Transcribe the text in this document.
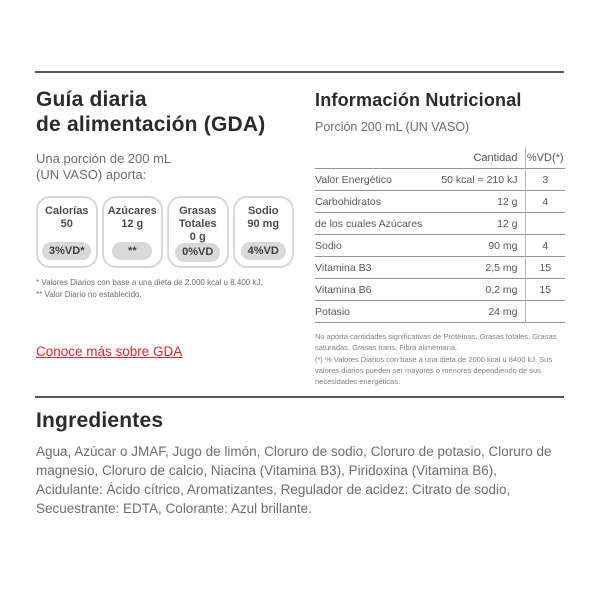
Guía diaria
de alimentación (GDA)
Una porción de 200 mL
(UN VASO) aporta:
Calorías
50
3%VD*
Azúcares
12 g
**
Grasas Totales
0 g
0%VD
Sodio
90 mg
4%VD
* Valores Diarios con base a una dieta de 2.000 kcal u 8.400 kJ.
** Valor Diario no establecido.
Conoce más sobre GDA
Información Nutricional
Porción 200 mL (UN VASO)
	Cantidad	%VD(*)
Valor Energético	50 kcal = 210 kJ	3
Carbohidratos	12 g	4
de los cuales Azúcares	12 g	
Sodio	90 mg	4
Vitamina B3	2,5 mg	15
Vitamina B6	0,2 mg	15
Potasio	24 mg	
No aporta cantidades significativas de Proteínas, Grasas totales, Grasas saturadas, Grasas trans, Fibra alimentaria.
(*) % Valores Diarios con base a una dieta de 2000 kcal u 8400 kJ. Sus valores diarios pueden ser mayores o menores dependiendo de sus necesidades energéticas.
Ingredientes

Agua, Azúcar o JMAF, Jugo de limón, Cloruro de sodio, Cloruro de potasio, Cloruro de magnesio, Cloruro de calcio, Niacina (Vitamina B3), Piridoxina (Vitamina B6), Acidulante: Ácido cítrico, Aromatizantes, Regulador de acidez: Citrato de sodio, Secuestrante: EDTA, Colorante: Azul brillante.
